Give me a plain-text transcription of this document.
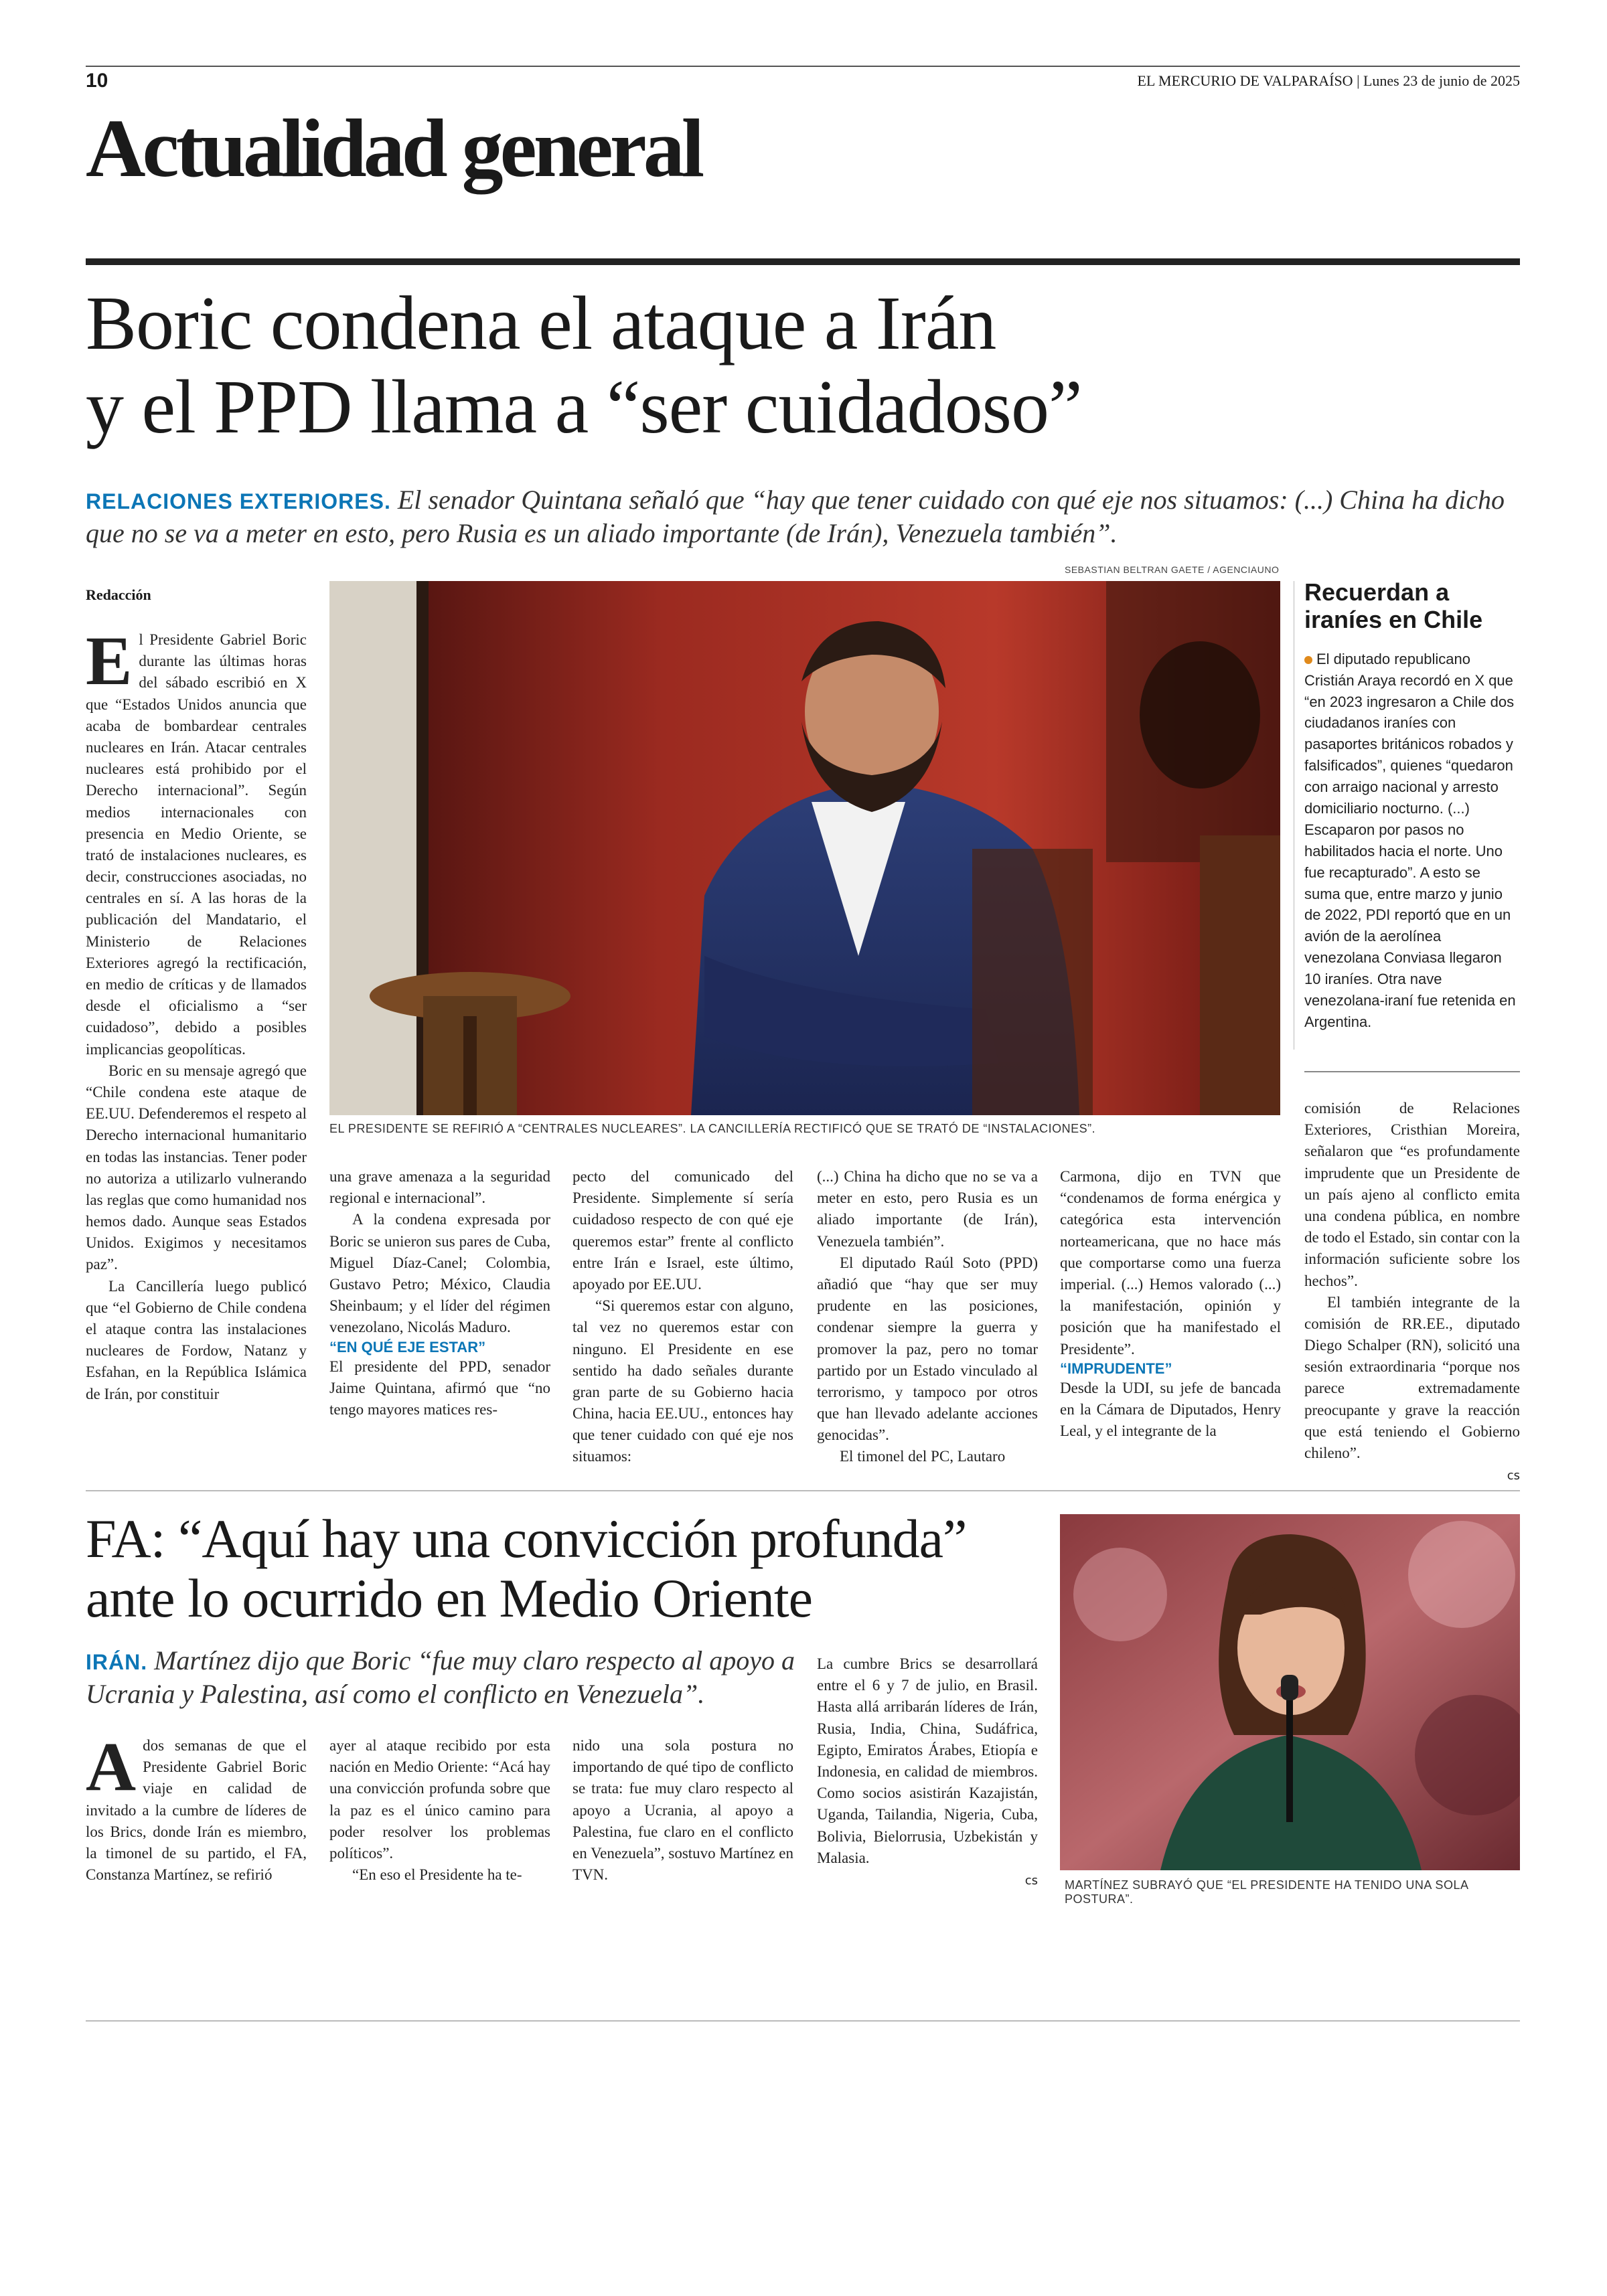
10	EL MERCURIO DE VALPARAÍSO | Lunes 23 de junio de 2025
Actualidad general
Boric condena el ataque a Irán
y el PPD llama a “ser cuidadoso”
RELACIONES EXTERIORES. El senador Quintana señaló que “hay que tener cuidado con qué eje nos situamos: (...) China ha dicho que no se va a meter en esto, pero Rusia es un aliado importante (de Irán), Venezuela también”.
SEBASTIAN BELTRAN GAETE / AGENCIAUNO
EL PRESIDENTE SE REFIRIÓ A “CENTRALES NUCLEARES”. LA CANCILLERÍA RECTIFICÓ QUE SE TRATÓ DE “INSTALACIONES”.
Redacción

El Presidente Gabriel Boric durante las últimas horas del sábado escribió en X que “Estados Unidos anuncia que acaba de bombardear centrales nucleares en Irán. Atacar centrales nucleares está prohibido por el Derecho internacional”. Según medios internacionales con presencia en Medio Oriente, se trató de instalaciones nucleares, es decir, construcciones asociadas, no centrales en sí. A las horas de la publicación del Mandatario, el Ministerio de Relaciones Exteriores agregó la rectificación, en medio de críticas y de llamados desde el oficialismo a “ser cuidadoso”, debido a posibles implicancias geopolíticas.

Boric en su mensaje agregó que “Chile condena este ataque de EE.UU. Defenderemos el respeto al Derecho internacional humanitario en todas las instancias. Tener poder no autoriza a utilizarlo vulnerando las reglas que como humanidad nos hemos dado. Aunque seas Estados Unidos. Exigimos y necesitamos paz”.

La Cancillería luego publicó que “el Gobierno de Chile condena el ataque contra las instalaciones nucleares de Fordow, Natanz y Esfahan, en la República Islámica de Irán, por constituir

una grave amenaza a la seguridad regional e internacional”.

A la condena expresada por Boric se unieron sus pares de Cuba, Miguel Díaz-Canel; Colombia, Gustavo Petro; México, Claudia Sheinbaum; y el líder del régimen venezolano, Nicolás Maduro.

“EN QUÉ EJE ESTAR”

El presidente del PPD, senador Jaime Quintana, afirmó que “no tengo mayores matices res-

pecto del comunicado del Presidente. Simplemente sí sería cuidadoso respecto de con qué eje queremos estar” frente al conflicto entre Irán e Israel, este último, apoyado por EE.UU.

“Si queremos estar con alguno, tal vez no queremos estar con ninguno. El Presidente en ese sentido ha dado señales durante gran parte de su Gobierno hacia China, hacia EE.UU., entonces hay que tener cuidado con qué eje nos situamos:

(...) China ha dicho que no se va a meter en esto, pero Rusia es un aliado importante (de Irán), Venezuela también”.

El diputado Raúl Soto (PPD) añadió que “hay que ser muy prudente en las posiciones, condenar siempre la guerra y promover la paz, pero no tomar partido por un Estado vinculado al terrorismo, y tampoco por otros que han llevado adelante acciones genocidas”.

El timonel del PC, Lautaro

Carmona, dijo en TVN que “condenamos de forma enérgica y categórica esta intervención norteamericana, que no hace más que comportarse como una fuerza imperial. (...) Hemos valorado (...) la manifestación, opinión y posición que ha manifestado el Presidente”.

“IMPRUDENTE”

Desde la UDI, su jefe de bancada en la Cámara de Diputados, Henry Leal, y el integrante de la

Recuerdan a
iraníes en Chile
El diputado republicano Cristián Araya recordó en X que “en 2023 ingresaron a Chile dos ciudadanos iraníes con pasaportes británicos robados y falsificados”, quienes “quedaron con arraigo nacional y arresto domiciliario nocturno. (...) Escaparon por pasos no habilitados hacia el norte. Uno fue recapturado”. A esto se suma que, entre marzo y junio de 2022, PDI reportó que en un avión de la aerolínea venezolana Conviasa llegaron 10 iraníes. Otra nave venezolana-iraní fue retenida en Argentina.

comisión de Relaciones Exteriores, Cristhian Moreira, señalaron que “es profundamente imprudente que un Presidente de un país ajeno al conflicto emita una condena pública, en nombre de todo el Estado, sin contar con la información suficiente sobre los hechos”.

El también integrante de la comisión de RR.EE., diputado Diego Schalper (RN), solicitó una sesión extraordinaria “porque nos parece extremadamente preocupante y grave la reacción que está teniendo el Gobierno chileno”.

cs

FA: “Aquí hay una convicción profunda”
ante lo ocurrido en Medio Oriente
IRÁN. Martínez dijo que Boric “fue muy claro respecto al apoyo a Ucrania y Palestina, así como el conflicto en Venezuela”.

Ados semanas de que el Presidente Gabriel Boric viaje en calidad de invitado a la cumbre de líderes de los Brics, donde Irán es miembro, la timonel de su partido, el FA, Constanza Martínez, se refirió

ayer al ataque recibido por esta nación en Medio Oriente: “Acá hay una convicción profunda sobre que la paz es el único camino para poder resolver los problemas políticos”.

“En eso el Presidente ha te-

nido una sola postura no importando de qué tipo de conflicto se trata: fue muy claro respecto al apoyo a Ucrania, al apoyo a Palestina, fue claro en el conflicto en Venezuela”, sostuvo Martínez en TVN.

La cumbre Brics se desarrollará entre el 6 y 7 de julio, en Brasil. Hasta allá arribarán líderes de Irán, Rusia, India, China, Sudáfrica, Egipto, Emiratos Árabes, Etiopía e Indonesia, en calidad de miembros. Como socios asistirán Kazajistán, Uganda, Tailandia, Nigeria, Cuba, Bolivia, Bielorrusia, Uzbekistán y Malasia.

cs MARTÍNEZ SUBRAYÓ QUE “EL PRESIDENTE HA TENIDO UNA SOLA POSTURA”.
